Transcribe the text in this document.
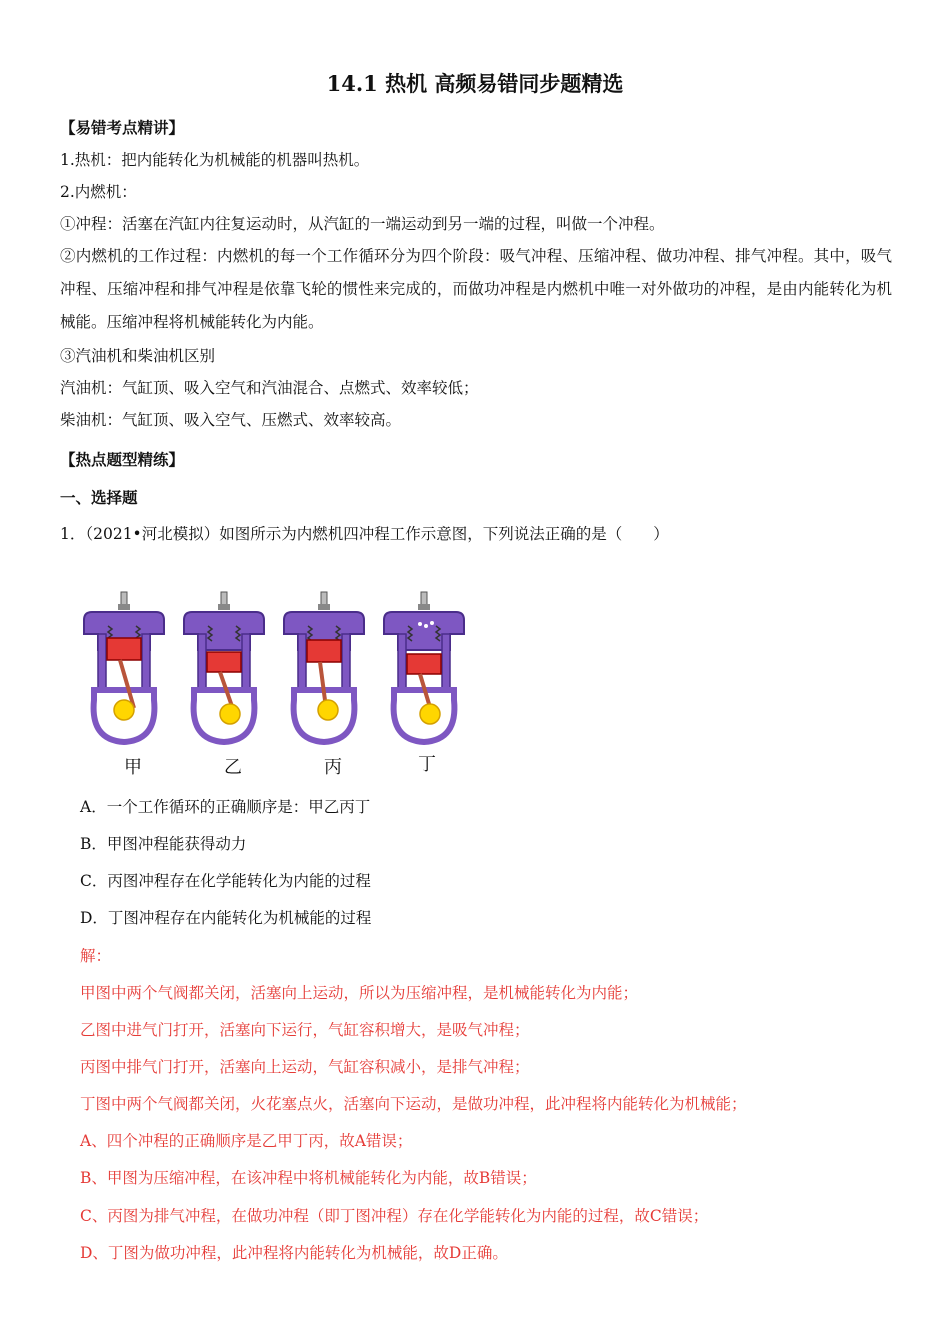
14.1 热机 高频易错同步题精选
【易错考点精讲】
1.热机：把内能转化为机械能的机器叫热机。
2.内燃机：
①冲程：活塞在汽缸内往复运动时，从汽缸的一端运动到另一端的过程，叫做一个冲程。
②内燃机的工作过程：内燃机的每一个工作循环分为四个阶段：吸气冲程、压缩冲程、做功冲程、排气冲程。其中，吸气冲程、压缩冲程和排气冲程是依靠飞轮的惯性来完成的，而做功冲程是内燃机中唯一对外做功的冲程，是由内能转化为机械能。压缩冲程将机械能转化为内能。
③汽油机和柴油机区别
汽油机：气缸顶、吸入空气和汽油混合、点燃式、效率较低；
柴油机：气缸顶、吸入空气、压燃式、效率较高。
【热点题型精练】
一、选择题
1．（2021•河北模拟）如图所示为内燃机四冲程工作示意图，下列说法正确的是（　　）
甲	乙	丙	丁
A．一个工作循环的正确顺序是：甲乙丙丁
B．甲图冲程能获得动力
C．丙图冲程存在化学能转化为内能的过程
D．丁图冲程存在内能转化为机械能的过程
解：
甲图中两个气阀都关闭，活塞向上运动，所以为压缩冲程，是机械能转化为内能；
乙图中进气门打开，活塞向下运行，气缸容积增大，是吸气冲程；
丙图中排气门打开，活塞向上运动，气缸容积减小，是排气冲程；
丁图中两个气阀都关闭，火花塞点火，活塞向下运动，是做功冲程，此冲程将内能转化为机械能；
A、四个冲程的正确顺序是乙甲丁丙，故A错误；
B、甲图为压缩冲程，在该冲程中将机械能转化为内能，故B错误；
C、丙图为排气冲程，在做功冲程（即丁图冲程）存在化学能转化为内能的过程，故C错误；
D、丁图为做功冲程，此冲程将内能转化为机械能，故D正确。
